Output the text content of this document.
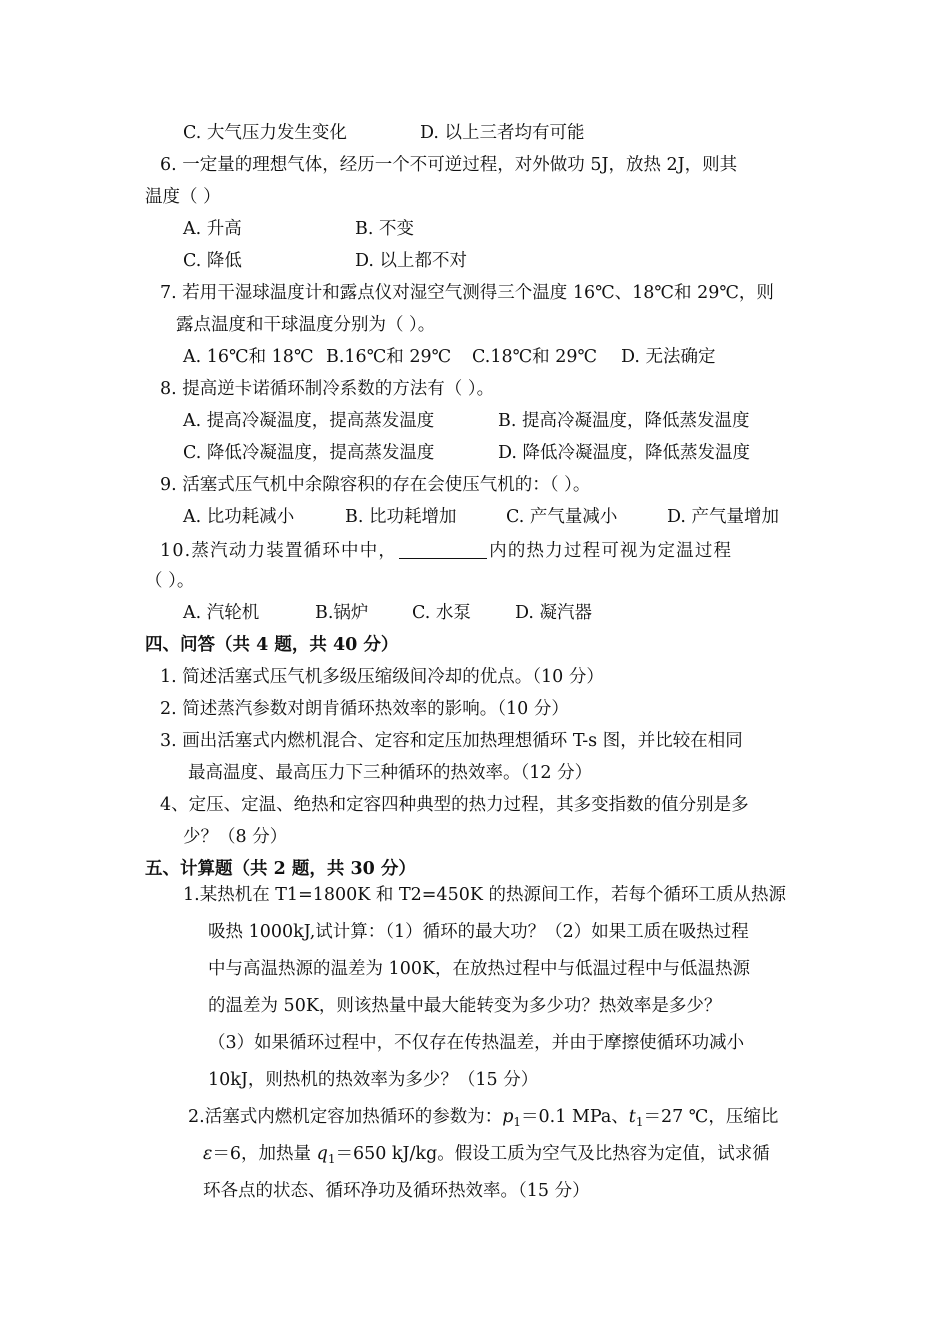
C. 大气压力发生变化	D. 以上三者均有可能
6. 一定量的理想气体，经历一个不可逆过程，对外做功 5J，放热 2J，则其
温度（ ）
A. 升高	B. 不变
C. 降低	D. 以上都不对
7. 若用干湿球温度计和露点仪对湿空气测得三个温度 16℃、18℃和 29℃，则
露点温度和干球温度分别为（ ）。
A. 16℃和 18℃ B.16℃和 29℃ C.18℃和 29℃ D. 无法确定
8. 提高逆卡诺循环制冷系数的方法有（ ）。
A. 提高冷凝温度，提高蒸发温度	B. 提高冷凝温度，降低蒸发温度
C. 降低冷凝温度，提高蒸发温度	D. 降低冷凝温度，降低蒸发温度
9. 活塞式压气机中余隙容积的存在会使压气机的：（ ）。
A. 比功耗减小	B. 比功耗增加	C. 产气量减小	D. 产气量增加
10.蒸汽动力装置循环中中，	内的热力过程可视为定温过程
（ ）。
A. 汽轮机	B.锅炉 C. 水泵	D. 凝汽器
四、问答（共 4 题，共 40 分）
1. 简述活塞式压气机多级压缩级间冷却的优点。（10 分）
2. 简述蒸汽参数对朗肯循环热效率的影响。（10 分）
3. 画出活塞式内燃机混合、定容和定压加热理想循环 T-s 图，并比较在相同
最高温度、最高压力下三种循环的热效率。（12 分）
4、定压、定温、绝热和定容四种典型的热力过程，其多变指数的值分别是多
少？（8 分）
五、计算题（共 2 题，共 30 分）
1.某热机在 T1=1800K 和 T2=450K 的热源间工作，若每个循环工质从热源
吸热 1000kJ,试计算：（1）循环的最大功？（2）如果工质在吸热过程
中与高温热源的温差为 100K，在放热过程中与低温过程中与低温热源
的温差为 50K，则该热量中最大能转变为多少功？热效率是多少？
（3）如果循环过程中，不仅存在传热温差，并由于摩擦使循环功减小
10kJ，则热机的热效率为多少？（15 分）
2.活塞式内燃机定容加热循环的参数为：$p_1=0.1$ MPa、$t_1=27$ ℃，压缩比
ε＝6，加热量 $q_1=650$ kJ/kg。假设工质为空气及比热容为定值，试求循
环各点的状态、循环净功及循环热效率。（15 分）
